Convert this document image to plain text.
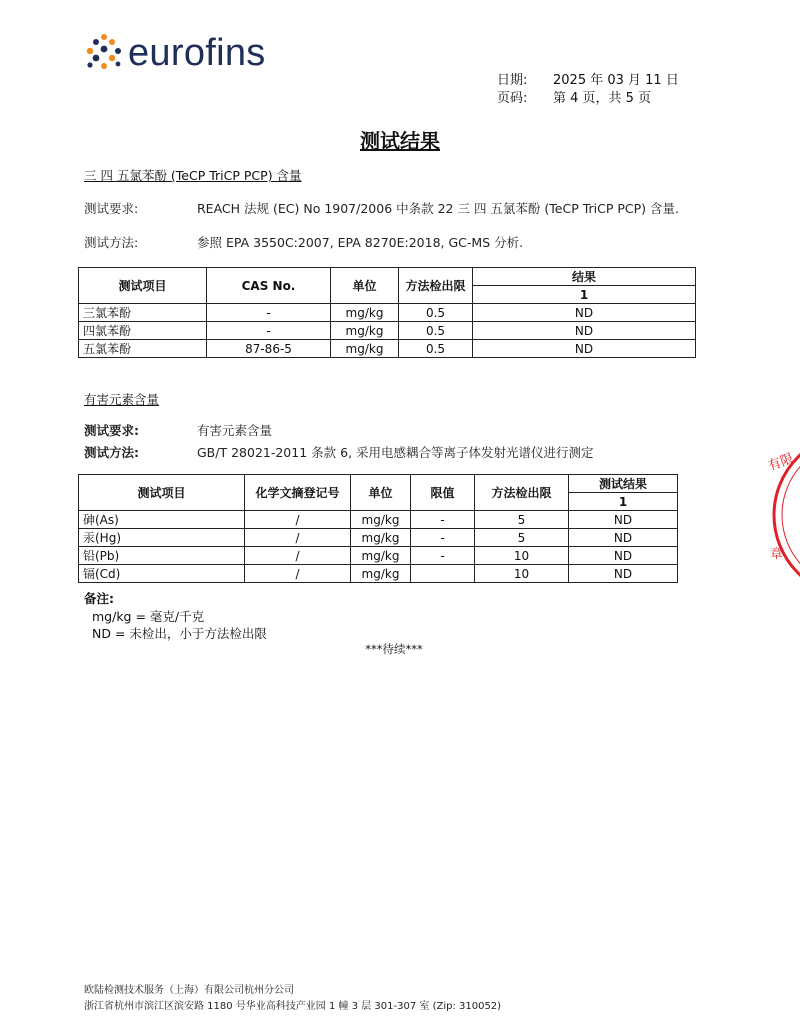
eurofins
日期:	2025 年 03 月 11 日
页码:	第 4 页，共 5 页
测试结果
三 四 五氯苯酚 (TeCP TriCP PCP) 含量
测试要求:	REACH 法规 (EC) No 1907/2006 中条款 22 三 四 五氯苯酚 (TeCP TriCP PCP) 含量.
测试方法:	参照 EPA 3550C:2007, EPA 8270E:2018, GC-MS 分析.
测试项目	CAS No.	单位	方法检出限	结果
				1
三氯苯酚	-	mg/kg	0.5	ND
四氯苯酚	-	mg/kg	0.5	ND
五氯苯酚	87-86-5	mg/kg	0.5	ND
有害元素含量
测试要求:	有害元素含量
测试方法:	GB/T 28021-2011 条款 6, 采用电感耦合等离子体发射光谱仪进行测定
测试项目	化学文摘登记号	单位	限值	方法检出限	测试结果
					1
砷(As)	/	mg/kg	-	5	ND
汞(Hg)	/	mg/kg	-	5	ND
铅(Pb)	/	mg/kg	-	10	ND
镉(Cd)	/	mg/kg		10	ND
备注:
mg/kg = 毫克/千克
ND = 未检出，小于方法检出限
***待续***
有限
章
欧陆检测技术服务（上海）有限公司杭州分公司
浙江省杭州市滨江区滨安路 1180 号华业高科技产业园 1 幢 3 层 301-307 室 (Zip: 310052)
